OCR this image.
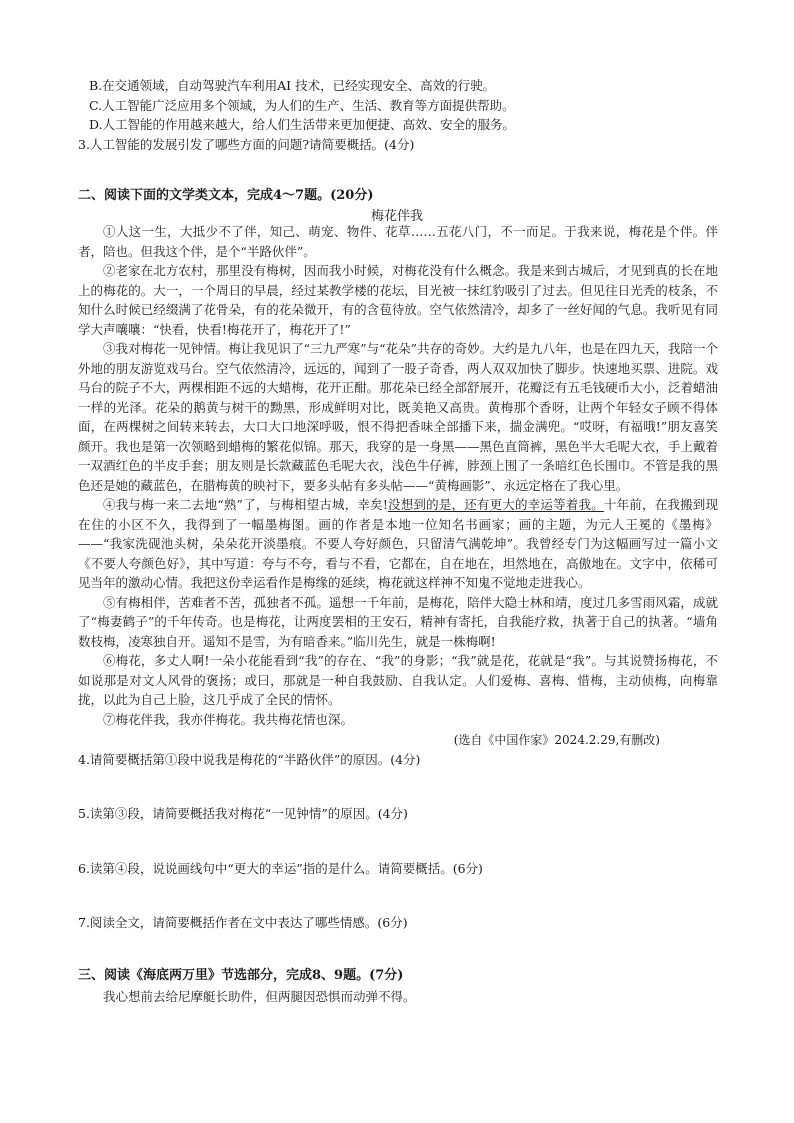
B.在交通领域，自动驾驶汽车利用AI 技术，已经实现安全、高效的行驶。
C.人工智能广泛应用多个领域，为人们的生产、生活、教育等方面提供帮助。
D.人工智能的作用越来越大，给人们生活带来更加便捷、高效、安全的服务。
3.人工智能的发展引发了哪些方面的问题?请简要概括。(4分)
二、阅读下面的文学类文本，完成4～7题。(20分)
梅花伴我

①人这一生，大抵少不了伴，知己、萌宠、物件、花草……五花八门，不一而足。于我来说，梅花是个伴。伴者，陪也。但我这个伴，是个“半路伙伴”。

②老家在北方农村，那里没有梅树，因而我小时候，对梅花没有什么概念。我是来到古城后，才见到真的长在地上的梅花的。大一，一个周日的早晨，经过某教学楼的花坛，目光被一抹红豹吸引了过去。但见往日光秃的枝条，不知什么时候已经缀满了花骨朵，有的花朵微开，有的含苞待放。空气依然清冷，却多了一丝好闻的气息。我听见有同学大声嚷嚷：“快看，快看!梅花开了，梅花开了!”

③我对梅花一见钟情。梅让我见识了“三九严寒”与“花朵”共存的奇妙。大约是九八年，也是在四九天，我陪一个外地的朋友游览戏马台。空气依然清冷，远远的，闻到了一股子奇香，两人双双加快了脚步。快速地买票、进院。戏马台的院子不大，两棵相距不远的大蜡梅，花开正酣。那花朵已经全部舒展开，花瓣泛有五毛钱硬币大小，泛着蜡油一样的光泽。花朵的鹅黄与树干的黝黑，形成鲜明对比，既美艳又高贵。黄梅那个香呀，让两个年轻女子顾不得体面，在两棵树之间转来转去，大口大口地深呼吸，恨不得把香味全部播下来，揣金满兜。“哎呀，有福哦!”朋友喜笑颜开。我也是第一次领略到蜡梅的繁花似锦。那天，我穿的是一身黑——黑色直筒裤，黑色半大毛呢大衣，手上戴着一双酒红色的半皮手套；朋友则是长款藏蓝色毛呢大衣，浅色牛仔裤，脖颈上围了一条暗红色长围巾。不管是我的黑色还是她的藏蓝色，在腊梅黄的映衬下，要多头帖有多头帖——“黄梅画影”、永远定格在了我心里。

④我与梅一来二去地“熟”了，与梅相望古城，幸矣!没想到的是，还有更大的幸运等着我。十年前，在我搬到现在住的小区不久，我得到了一幅墨梅图。画的作者是本地一位知名书画家；画的主题，为元人王冕的《墨梅》——“我家洗砚池头树，朵朵花开淡墨痕。不要人夸好颜色，只留清气满乾坤”。我曾经专门为这幅画写过一篇小文《不要人夸颜色好》，其中写道：夸与不夸，看与不看，它都在，自在地在，坦然地在，高傲地在。文字中，依稀可见当年的激动心情。我把这份幸运看作是梅缘的延续，梅花就这样神不知鬼不觉地走进我心。

⑤有梅相伴，苦难者不苦，孤独者不孤。遥想一千年前，是梅花，陪伴大隐士林和靖，度过几多雪雨风霜，成就了“梅妻鹤子”的千年传奇。也是梅花，让两度罢相的王安石，精神有寄托，自我能疗救，执著于自己的执著。“墙角数枝梅，凌寒独自开。遥知不是雪，为有暗香来。”临川先生，就是一株梅啊!

⑥梅花，多丈人啊!一朵小花能看到“我”的存在、“我”的身影；“我”就是花，花就是“我”。与其说赞扬梅花，不如说那是对文人风骨的褒扬；或曰，那就是一种自我鼓励、自我认定。人们爱梅、喜梅、惜梅，主动侦梅，向梅靠拢，以此为自己上脸，这几乎成了全民的情怀。

⑦梅花伴我，我亦伴梅花。我共梅花情也深。

(选自《中国作家》2024.2.29,有删改)
4.请简要概括第①段中说我是梅花的“半路伙伴”的原因。(4分)
5.读第③段，请简要概括我对梅花“一见钟情”的原因。(4分)
6.读第④段，说说画线句中“更大的幸运”指的是什么。请简要概括。(6分)
7.阅读全文，请简要概括作者在文中表达了哪些情感。(6分)
三、阅读《海底两万里》节选部分，完成8、9题。(7分)
我心想前去给尼摩艇长助件，但两腿因恐惧而动弹不得。
